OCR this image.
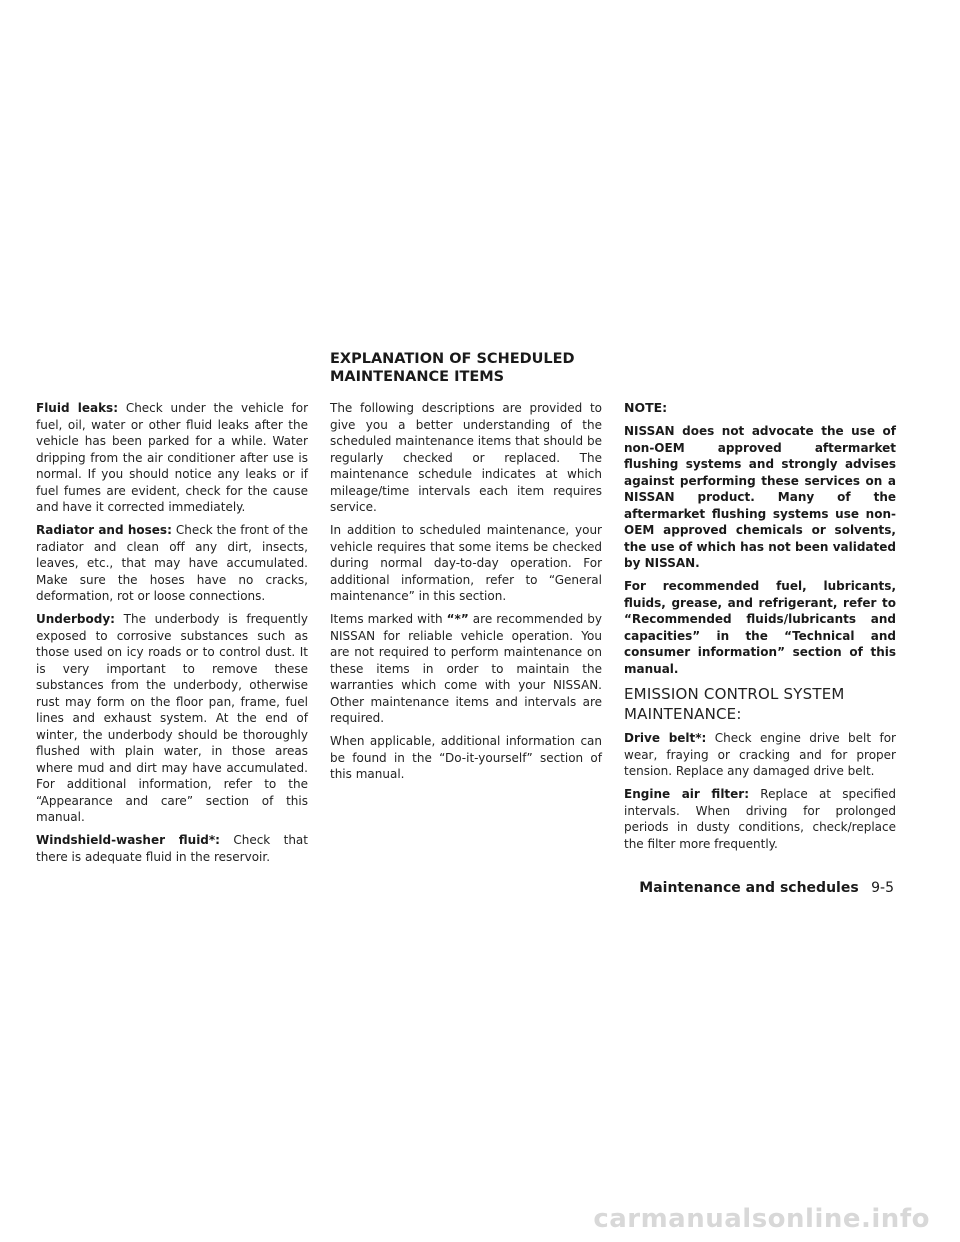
EXPLANATION OF SCHEDULED
MAINTENANCE ITEMS

Fluid leaks: Check under the vehicle for fuel, oil, water or other fluid leaks after the vehicle has been parked for a while. Water dripping from the air conditioner after use is normal. If you should notice any leaks or if fuel fumes are evident, check for the cause and have it corrected immediately.

Radiator and hoses: Check the front of the radiator and clean off any dirt, insects, leaves, etc., that may have accumulated. Make sure the hoses have no cracks, deformation, rot or loose connections.

Underbody: The underbody is frequently exposed to corrosive substances such as those used on icy roads or to control dust. It is very important to remove these substances from the underbody, otherwise rust may form on the floor pan, frame, fuel lines and exhaust system. At the end of winter, the underbody should be thoroughly flushed with plain water, in those areas where mud and dirt may have accumulated. For additional information, refer to the “Appearance and care” section of this manual.

Windshield-washer fluid*: Check that there is adequate fluid in the reservoir.

The following descriptions are provided to give you a better understanding of the scheduled maintenance items that should be regularly checked or replaced. The maintenance schedule indicates at which mileage/time intervals each item requires service.

In addition to scheduled maintenance, your vehicle requires that some items be checked during normal day-to-day operation. For additional information, refer to “General maintenance” in this section.

Items marked with “*” are recommended by NISSAN for reliable vehicle operation. You are not required to perform maintenance on these items in order to maintain the warranties which come with your NISSAN. Other maintenance items and intervals are required.

When applicable, additional information can be found in the “Do-it-yourself” section of this manual.

NOTE:

NISSAN does not advocate the use of non-OEM approved aftermarket flushing systems and strongly advises against performing these services on a NISSAN product. Many of the aftermarket flushing systems use non-OEM approved chemicals or solvents, the use of which has not been validated by NISSAN.

For recommended fuel, lubricants, fluids, grease, and refrigerant, refer to “Recommended fluids/lubricants and capacities” in the “Technical and consumer information” section of this manual.

EMISSION CONTROL SYSTEM MAINTENANCE:

Drive belt*: Check engine drive belt for wear, fraying or cracking and for proper tension. Replace any damaged drive belt.

Engine air filter: Replace at specified intervals. When driving for prolonged periods in dusty conditions, check/replace the filter more frequently.

Maintenance and schedules 9-5
carmanualsonline.info
